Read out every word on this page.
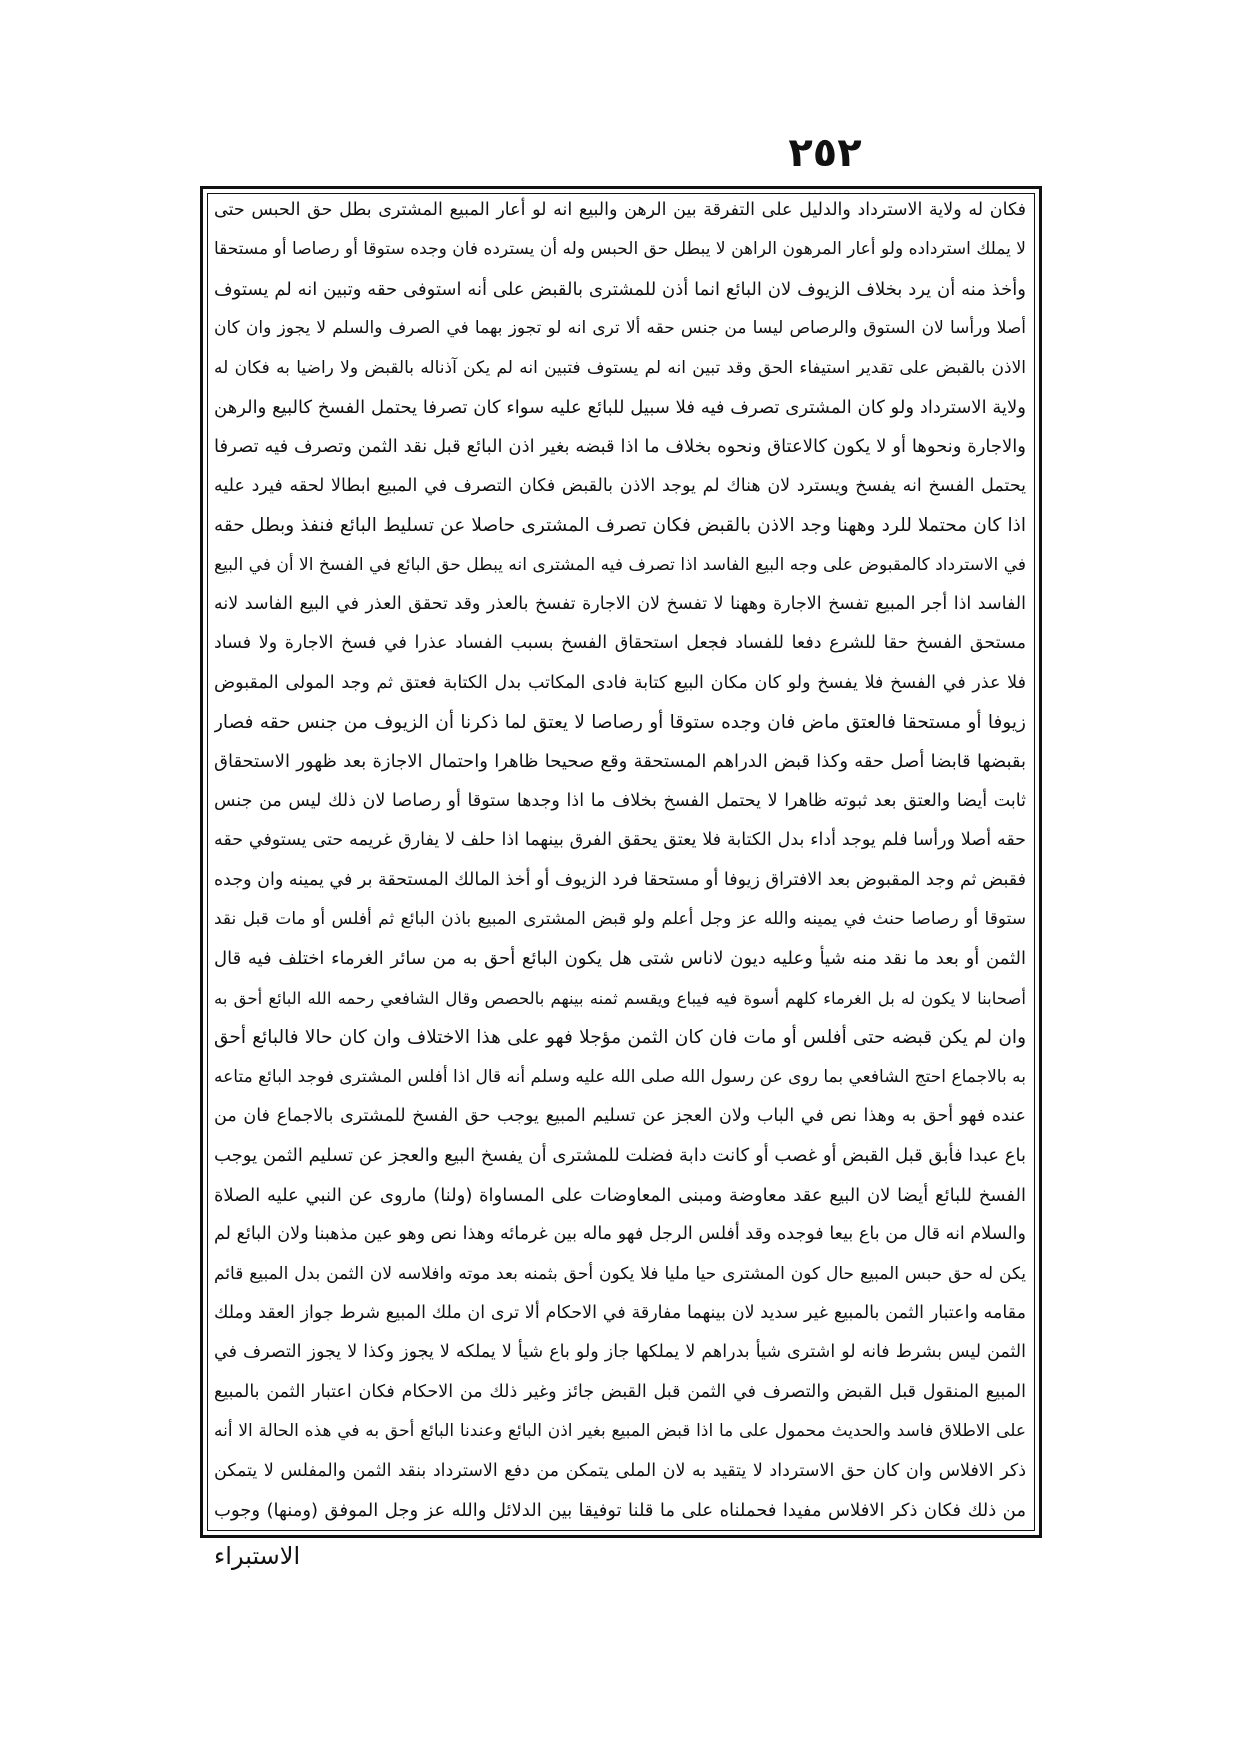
٢٥٢
فكان له ولاية الاسترداد والدليل على التفرقة بين الرهن والبيع انه لو أعار المبيع المشترى بطل حق الحبس حتى
لا يملك استرداده ولو أعار المرهون الراهن لا يبطل حق الحبس وله أن يسترده فان وجده ستوقا أو رصاصا أو مستحقا
وأخذ منه أن يرد بخلاف الزيوف لان البائع انما أذن للمشترى بالقبض على أنه استوفى حقه وتبين انه لم يستوف
أصلا ورأسا لان الستوق والرصاص ليسا من جنس حقه ألا ترى انه لو تجوز بهما في الصرف والسلم لا يجوز وان كان
الاذن بالقبض على تقدير استيفاء الحق وقد تبين انه لم يستوف فتبين انه لم يكن آذناله بالقبض ولا راضيا به فكان له
ولاية الاسترداد ولو كان المشترى تصرف فيه فلا سبيل للبائع عليه سواء كان تصرفا يحتمل الفسخ كالبيع والرهن
والاجارة ونحوها أو لا يكون كالاعتاق ونحوه بخلاف ما اذا قبضه بغير اذن البائع قبل نقد الثمن وتصرف فيه تصرفا
يحتمل الفسخ انه يفسخ ويسترد لان هناك لم يوجد الاذن بالقبض فكان التصرف في المبيع ابطالا لحقه فيرد عليه
اذا كان محتملا للرد وههنا وجد الاذن بالقبض فكان تصرف المشترى حاصلا عن تسليط البائع فنفذ وبطل حقه
في الاسترداد كالمقبوض على وجه البيع الفاسد اذا تصرف فيه المشترى انه يبطل حق البائع في الفسخ الا أن في البيع
الفاسد اذا أجر المبيع تفسخ الاجارة وههنا لا تفسخ لان الاجارة تفسخ بالعذر وقد تحقق العذر في البيع الفاسد لانه
مستحق الفسخ حقا للشرع دفعا للفساد فجعل استحقاق الفسخ بسبب الفساد عذرا في فسخ الاجارة ولا فساد
فلا عذر في الفسخ فلا يفسخ ولو كان مكان البيع كتابة فادى المكاتب بدل الكتابة فعتق ثم وجد المولى المقبوض
زيوفا أو مستحقا فالعتق ماض فان وجده ستوقا أو رصاصا لا يعتق لما ذكرنا أن الزيوف من جنس حقه فصار
بقبضها قابضا أصل حقه وكذا قبض الدراهم المستحقة وقع صحيحا ظاهرا واحتمال الاجازة بعد ظهور الاستحقاق
ثابت أيضا والعتق بعد ثبوته ظاهرا لا يحتمل الفسخ بخلاف ما اذا وجدها ستوقا أو رصاصا لان ذلك ليس من جنس
حقه أصلا ورأسا فلم يوجد أداء بدل الكتابة فلا يعتق يحقق الفرق بينهما اذا حلف لا يفارق غريمه حتى يستوفي حقه
فقبض ثم وجد المقبوض بعد الافتراق زيوفا أو مستحقا فرد الزيوف أو أخذ المالك المستحقة بر في يمينه وان وجده
ستوقا أو رصاصا حنث في يمينه والله عز وجل أعلم ولو قبض المشترى المبيع باذن البائع ثم أفلس أو مات قبل نقد
الثمن أو بعد ما نقد منه شيأ وعليه ديون لاناس شتى هل يكون البائع أحق به من سائر الغرماء اختلف فيه قال
أصحابنا لا يكون له بل الغرماء كلهم أسوة فيه فيباع ويقسم ثمنه بينهم بالحصص وقال الشافعي رحمه الله البائع أحق به
وان لم يكن قبضه حتى أفلس أو مات فان كان الثمن مؤجلا فهو على هذا الاختلاف وان كان حالا فالبائع أحق
به بالاجماع احتج الشافعي بما روى عن رسول الله صلى الله عليه وسلم أنه قال اذا أفلس المشترى فوجد البائع متاعه
عنده فهو أحق به وهذا نص في الباب ولان العجز عن تسليم المبيع يوجب حق الفسخ للمشترى بالاجماع فان من
باع عبدا فأبق قبل القبض أو غصب أو كانت دابة فضلت للمشترى أن يفسخ البيع والعجز عن تسليم الثمن يوجب
الفسخ للبائع أيضا لان البيع عقد معاوضة ومبنى المعاوضات على المساواة (ولنا) ماروى عن النبي عليه الصلاة
والسلام انه قال من باع بيعا فوجده وقد أفلس الرجل فهو ماله بين غرمائه وهذا نص وهو عين مذهبنا ولان البائع لم
يكن له حق حبس المبيع حال كون المشترى حيا مليا فلا يكون أحق بثمنه بعد موته وافلاسه لان الثمن بدل المبيع قائم
مقامه واعتبار الثمن بالمبيع غير سديد لان بينهما مفارقة في الاحكام ألا ترى ان ملك المبيع شرط جواز العقد وملك
الثمن ليس بشرط فانه لو اشترى شيأ بدراهم لا يملكها جاز ولو باع شيأ لا يملكه لا يجوز وكذا لا يجوز التصرف في
المبيع المنقول قبل القبض والتصرف في الثمن قبل القبض جائز وغير ذلك من الاحكام فكان اعتبار الثمن بالمبيع
على الاطلاق فاسد والحديث محمول على ما اذا قبض المبيع بغير اذن البائع وعندنا البائع أحق به في هذه الحالة الا أنه
ذكر الافلاس وان كان حق الاسترداد لا يتقيد به لان الملى يتمكن من دفع الاسترداد بنقد الثمن والمفلس لا يتمكن
من ذلك فكان ذكر الافلاس مفيدا فحملناه على ما قلنا توفيقا بين الدلائل والله عز وجل الموفق (ومنها) وجوب
الاستبراء
